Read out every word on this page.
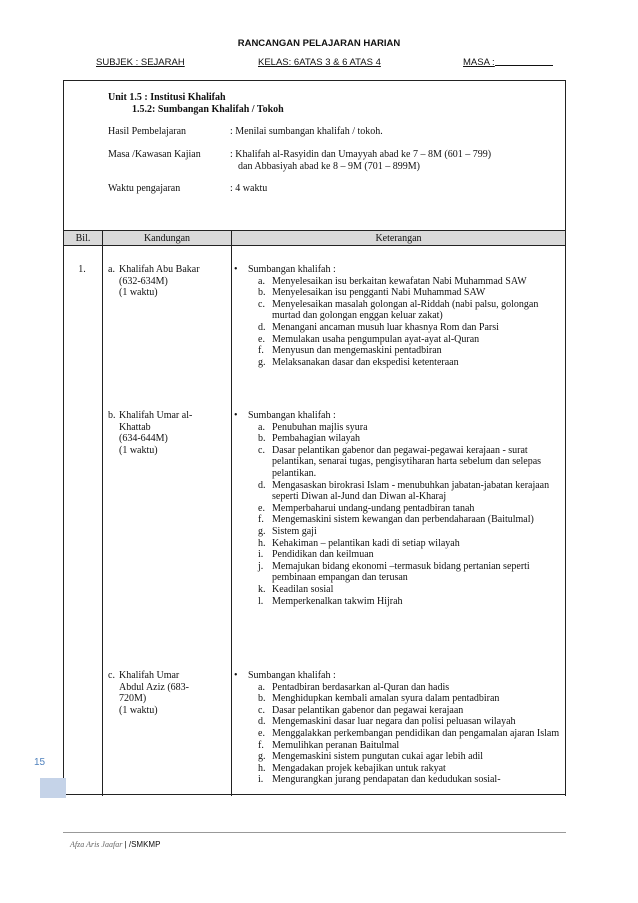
RANCANGAN PELAJARAN HARIAN
SUBJEK : SEJARAH	KELAS: 6ATAS 3 & 6 ATAS 4	MASA :
Unit 1.5 : Institusi Khalifah
1.5.2: Sumbangan Khalifah / Tokoh
Hasil Pembelajaran	: Menilai sumbangan khalifah / tokoh.
Masa /Kawasan Kajian	: Khalifah al-Rasyidin dan Umayyah abad ke 7 – 8M (601 – 799)
dan Abbasiyah abad ke 8 – 9M (701 – 899M)
Waktu pengajaran	: 4 waktu
Bil.	Kandungan	Keterangan

1.	a. Khalifah Abu Bakar
(632-634M)
(1 waktu)
•	Sumbangan khalifah :
a. Menyelesaikan isu berkaitan kewafatan Nabi Muhammad SAW
b. Menyelesaikan isu pengganti Nabi Muhammad SAW
c. Menyelesaikan masalah golongan al-Riddah (nabi palsu, golongan murtad dan golongan enggan keluar zakat)
d. Menangani ancaman musuh luar khasnya Rom dan Parsi
e. Memulakan usaha pengumpulan ayat-ayat al-Quran
f. Menyusun dan mengemaskini pentadbiran
g. Melaksanakan dasar dan ekspedisi ketenteraan
b. Khalifah Umar al-
Khattab
(634-644M)
(1 waktu)
•	Sumbangan khalifah :
a. Penubuhan majlis syura
b. Pembahagian wilayah
c. Dasar pelantikan gabenor dan pegawai-pegawai kerajaan - surat pelantikan, senarai tugas, pengisytiharan harta sebelum dan selepas pelantikan.
d. Mengasaskan birokrasi Islam - menubuhkan jabatan-jabatan kerajaan seperti Diwan al-Jund dan Diwan al-Kharaj
e. Memperbaharui undang-undang pentadbiran tanah
f. Mengemaskini sistem kewangan dan perbendaharaan (Baitulmal)
g. Sistem gaji
h. Kehakiman – pelantikan kadi di setiap wilayah
i. Pendidikan dan keilmuan
j. Memajukan bidang ekonomi –termasuk bidang pertanian seperti pembinaan empangan dan terusan
k. Keadilan sosial
l. Memperkenalkan takwim Hijrah
c. Khalifah Umar
Abdul Aziz (683-
720M)
(1 waktu)
•	Sumbangan khalifah :
a. Pentadbiran berdasarkan al-Quran dan hadis
b. Menghidupkan kembali amalan syura dalam pentadbiran
c. Dasar pelantikan gabenor dan pegawai kerajaan
d. Mengemaskini dasar luar negara dan polisi peluasan wilayah
e. Menggalakkan perkembangan pendidikan dan pengamalan ajaran Islam
f. Memulihkan peranan Baitulmal
g. Mengemaskini sistem pungutan cukai agar lebih adil
h. Mengadakan projek kebajikan untuk rakyat
i. Mengurangkan jurang pendapatan dan kedudukan sosial-
15
Afza Aris Jaafar | /SMKMP
